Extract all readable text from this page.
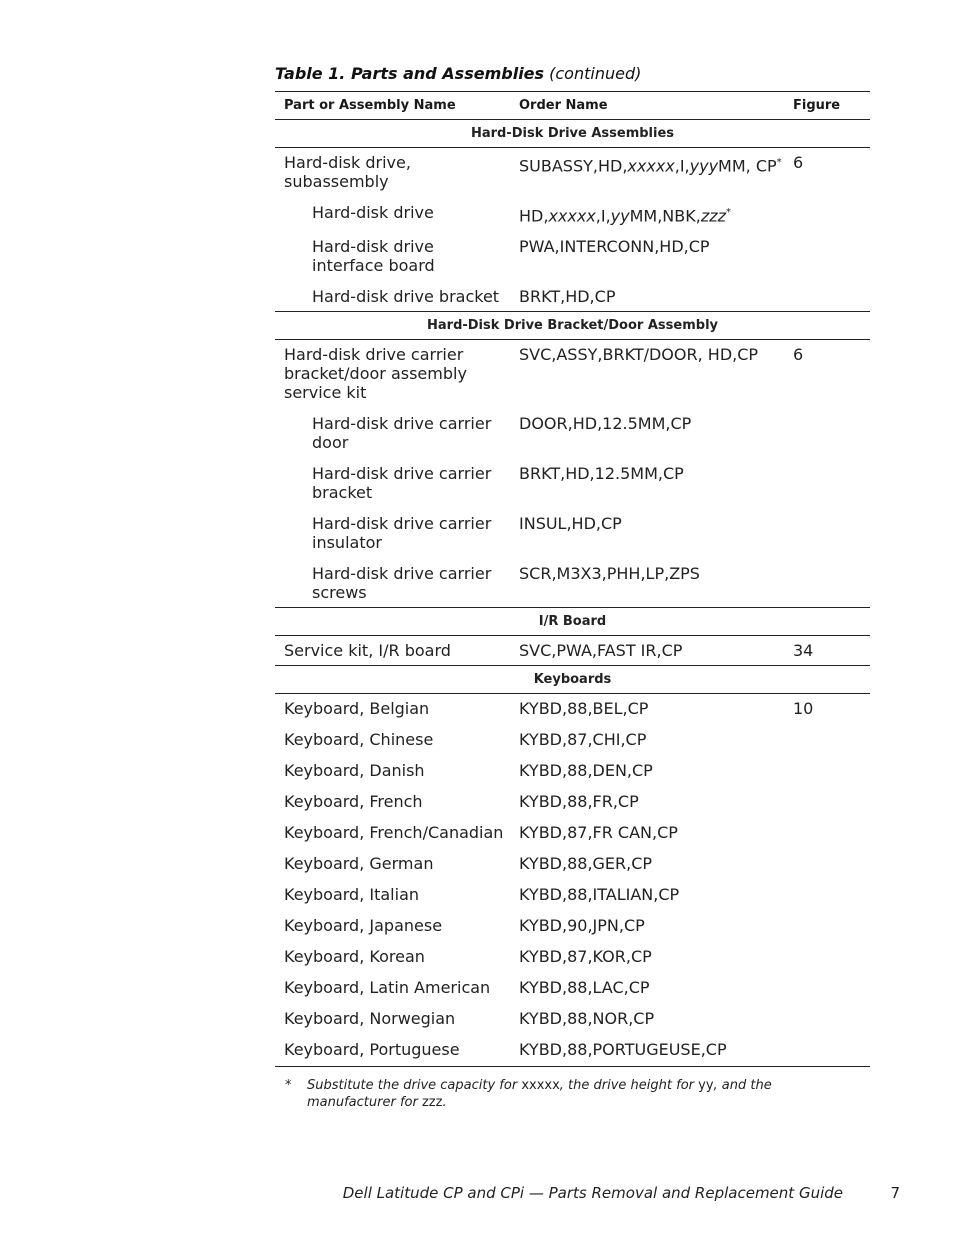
Table 1. Parts and Assemblies (continued)
Part or Assembly Name	Order Name	Figure
Hard-Disk Drive Assemblies		
Hard-disk drive, subassembly	SUBASSY,HD,xxxxx,I,yyyMM, CP*	6
Hard-disk drive	HD,xxxxx,I,yyMM,NBK,zzz*	
Hard-disk drive interface board	PWA,INTERCONN,HD,CP	
Hard-disk drive bracket	BRKT,HD,CP	
Hard-Disk Drive Bracket/Door Assembly		
Hard-disk drive carrier bracket/door assembly service kit	SVC,ASSY,BRKT/DOOR, HD,CP	6
Hard-disk drive carrier door	DOOR,HD,12.5MM,CP	
Hard-disk drive carrier bracket	BRKT,HD,12.5MM,CP	
Hard-disk drive carrier insulator	INSUL,HD,CP	
Hard-disk drive carrier screws	SCR,M3X3,PHH,LP,ZPS	
I/R Board		
Service kit, I/R board	SVC,PWA,FAST IR,CP	34
Keyboards		
Keyboard, Belgian	KYBD,88,BEL,CP	10
Keyboard, Chinese	KYBD,87,CHI,CP	
Keyboard, Danish	KYBD,88,DEN,CP	
Keyboard, French	KYBD,88,FR,CP	
Keyboard, French/Canadian	KYBD,87,FR CAN,CP	
Keyboard, German	KYBD,88,GER,CP	
Keyboard, Italian	KYBD,88,ITALIAN,CP	
Keyboard, Japanese	KYBD,90,JPN,CP	
Keyboard, Korean	KYBD,87,KOR,CP	
Keyboard, Latin American	KYBD,88,LAC,CP	
Keyboard, Norwegian	KYBD,88,NOR,CP	
Keyboard, Portuguese	KYBD,88,PORTUGEUSE,CP	
* Substitute the drive capacity for xxxxx, the drive height for yy, and the manufacturer for zzz.
Dell Latitude CP and CPi — Parts Removal and Replacement Guide	7
